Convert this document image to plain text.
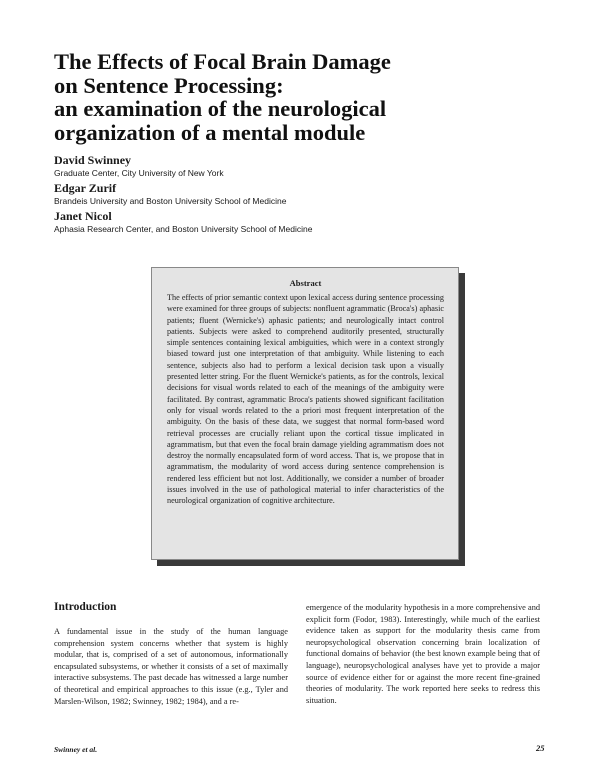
The Effects of Focal Brain Damage
on Sentence Processing:
an examination of the neurological
organization of a mental module
David Swinney
Graduate Center, City University of New York
Edgar Zurif
Brandeis University and Boston University School of Medicine
Janet Nicol
Aphasia Research Center, and Boston University School of Medicine

Abstract

The effects of prior semantic context upon lexical access during sentence processing were examined for three groups of subjects: nonfluent agrammatic (Broca's) aphasic patients; fluent (Wernicke's) aphasic patients; and neurologically intact control patients. Subjects were asked to comprehend auditorily presented, structurally simple sentences containing lexical ambiguities, which were in a context strongly biased toward just one interpretation of that ambiguity. While listening to each sentence, subjects also had to perform a lexical decision task upon a visually presented letter string. For the fluent Wernicke's patients, as for the controls, lexical decisions for visual words related to each of the meanings of the ambiguity were facilitated. By contrast, agrammatic Broca's patients showed significant facilitation only for visual words related to the a priori most frequent interpretation of the ambiguity. On the basis of these data, we suggest that normal form-based word retrieval processes are crucially reliant upon the cortical tissue implicated in agrammatism, but that even the focal brain damage yielding agrammatism does not destroy the normally encapsulated form of word access. That is, we propose that in agrammatism, the modularity of word access during sentence comprehension is rendered less efficient but not lost. Additionally, we consider a number of broader issues involved in the use of pathological material to infer characteristics of the neurological organization of cognitive architecture.

Introduction

A fundamental issue in the study of the human language comprehension system concerns whether that system is highly modular, that is, comprised of a set of autonomous, informationally encapsulated subsystems, or whether it consists of a set of maximally interactive subsystems. The past decade has witnessed a large number of theoretical and empirical approaches to this issue (e.g., Tyler and Marslen-Wilson, 1982; Swinney, 1982; 1984), and a re-

emergence of the modularity hypothesis in a more comprehensive and explicit form (Fodor, 1983). Interestingly, while much of the earliest evidence taken as support for the modularity thesis came from neuropsychological observation concerning brain localization of functional domains of behavior (the best known example being that of language), neuropsychological analyses have yet to provide a major source of evidence either for or against the more recent fine-grained theories of modularity. The work reported here seeks to redress this situation.

Swinney et al.	25
